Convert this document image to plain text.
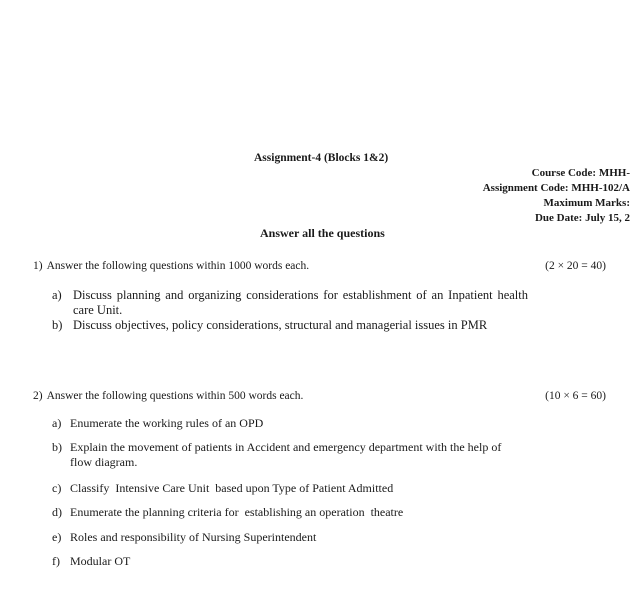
Assignment-4 (Blocks 1&2)
Course Code: MHH-
Assignment Code: MHH-102/A
Maximum Marks:
Due Date: July 15, 2
Answer all the questions
1) Answer the following questions within 1000 words each.	(2 × 20 = 40)
a) Discuss planning and organizing considerations for establishment of an Inpatient health care Unit.
b) Discuss objectives, policy considerations, structural and managerial issues in PMR
2) Answer the following questions within 500 words each.	(10 × 6 = 60)
a) Enumerate the working rules of an OPD
b) Explain the movement of patients in Accident and emergency department with the help of flow diagram.
c) Classify  Intensive Care Unit  based upon Type of Patient Admitted
d) Enumerate the planning criteria for  establishing an operation  theatre
e) Roles and responsibility of Nursing Superintendent
f) Modular OT
